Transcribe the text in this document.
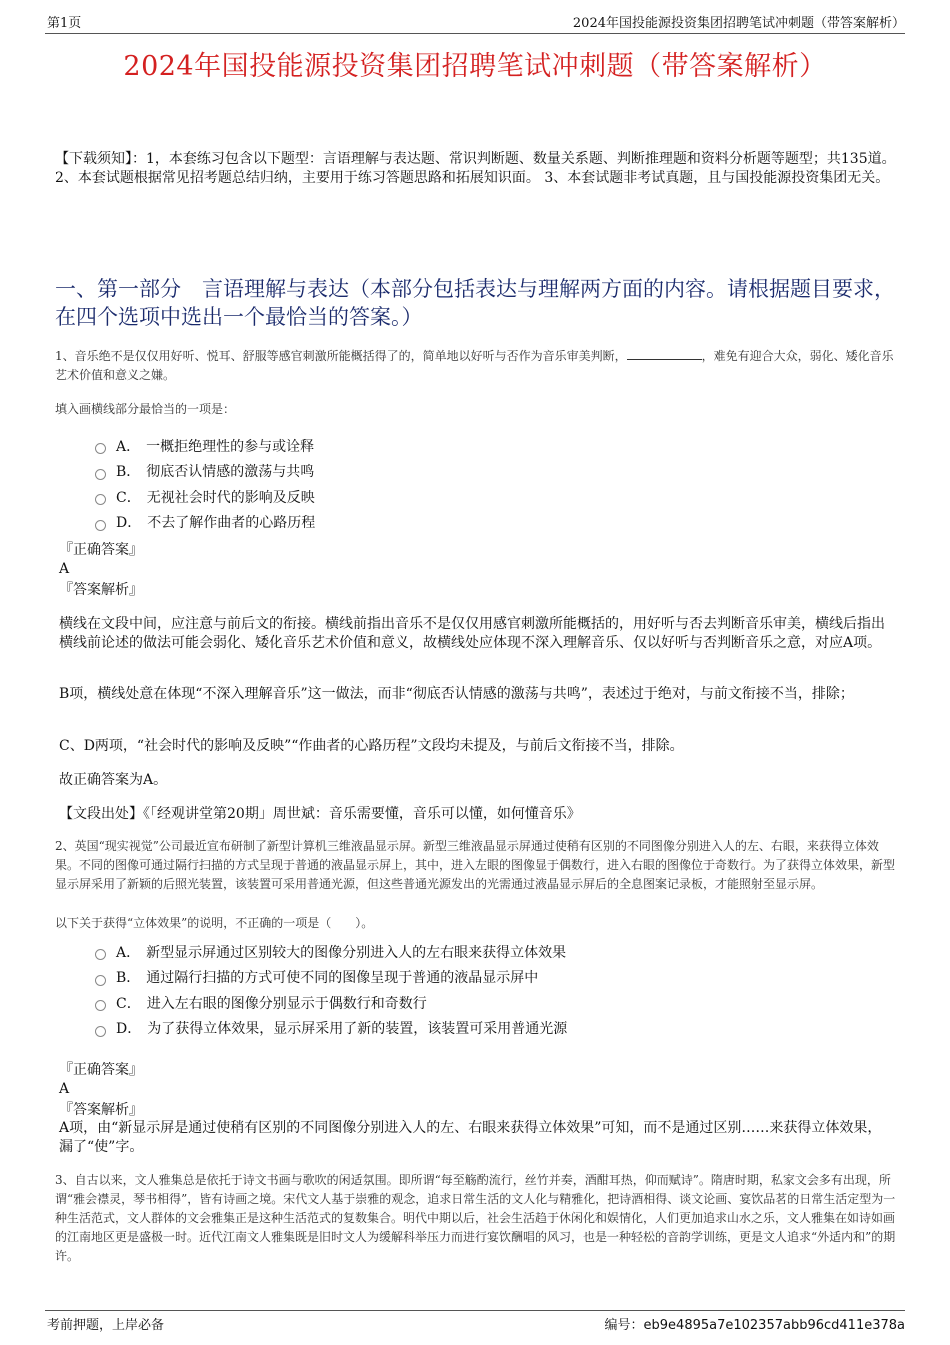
第1页	2024年国投能源投资集团招聘笔试冲刺题（带答案解析）
2024年国投能源投资集团招聘笔试冲刺题（带答案解析）
【下载须知】：1，本套练习包含以下题型：言语理解与表达题、常识判断题、数量关系题、判断推理题和资料分析题等题型；共135道。 2、本套试题根据常见招考题总结归纳，主要用于练习答题思路和拓展知识面。 3、本套试题非考试真题，且与国投能源投资集团无关。
一、第一部分　言语理解与表达（本部分包括表达与理解两方面的内容。请根据题目要求，在四个选项中选出一个最恰当的答案。）
1、音乐绝不是仅仅用好听、悦耳、舒服等感官刺激所能概括得了的，简单地以好听与否作为音乐审美判断，	，难免有迎合大众，弱化、矮化音乐艺术价值和意义之嫌。
填入画横线部分最恰当的一项是：
A． 一概拒绝理性的参与或诠释
B． 彻底否认情感的激荡与共鸣
C． 无视社会时代的影响及反映
D． 不去了解作曲者的心路历程
『正确答案』
A
『答案解析』
横线在文段中间，应注意与前后文的衔接。横线前指出音乐不是仅仅用感官刺激所能概括的，用好听与否去判断音乐审美，横线后指出横线前论述的做法可能会弱化、矮化音乐艺术价值和意义，故横线处应体现不深入理解音乐、仅以好听与否判断音乐之意，对应A项。
B项，横线处意在体现“不深入理解音乐”这一做法，而非“彻底否认情感的激荡与共鸣”，表述过于绝对，与前文衔接不当，排除；
C、D两项，“社会时代的影响及反映”“作曲者的心路历程”文段均未提及，与前后文衔接不当，排除。
故正确答案为A。
【文段出处】《「经观讲堂第20期」周世斌：音乐需要懂，音乐可以懂，如何懂音乐》
2、英国“现实视觉”公司最近宣布研制了新型计算机三维液晶显示屏。新型三维液晶显示屏通过使稍有区别的不同图像分别进入人的左、右眼，来获得立体效果。不同的图像可通过隔行扫描的方式呈现于普通的液晶显示屏上，其中，进入左眼的图像显于偶数行，进入右眼的图像位于奇数行。为了获得立体效果，新型显示屏采用了新颖的后照光装置，该装置可采用普通光源，但这些普通光源发出的光需通过液晶显示屏后的全息图案记录板，才能照射至显示屏。
以下关于获得“立体效果”的说明，不正确的一项是（　　）。
A． 新型显示屏通过区别较大的图像分别进入人的左右眼来获得立体效果
B． 通过隔行扫描的方式可使不同的图像呈现于普通的液晶显示屏中
C． 进入左右眼的图像分别显示于偶数行和奇数行
D． 为了获得立体效果，显示屏采用了新的装置，该装置可采用普通光源
『正确答案』
A
『答案解析』
A项，由“新显示屏是通过使稍有区别的不同图像分别进入人的左、右眼来获得立体效果”可知，而不是通过区别……来获得立体效果，漏了“使”字。
3、自古以来，文人雅集总是依托于诗文书画与歌吹的闲适氛围。即所谓“每至觞酌流行，丝竹并奏，酒酣耳热，仰而赋诗”。隋唐时期，私家文会多有出现，所谓“雅会襟灵，琴书相得”，皆有诗画之境。宋代文人基于崇雅的观念，追求日常生活的文人化与精雅化，把诗酒相得、谈文论画、宴饮品茗的日常生活定型为一种生活范式，文人群体的文会雅集正是这种生活范式的复数集合。明代中期以后，社会生活趋于休闲化和娱情化，人们更加追求山水之乐，文人雅集在如诗如画的江南地区更是盛极一时。近代江南文人雅集既是旧时文人为缓解科举压力而进行宴饮酬唱的风习，也是一种轻松的音韵学训练，更是文人追求“外适内和”的期许。
考前押题，上岸必备	编号：eb9e4895a7e102357abb96cd411e378a
